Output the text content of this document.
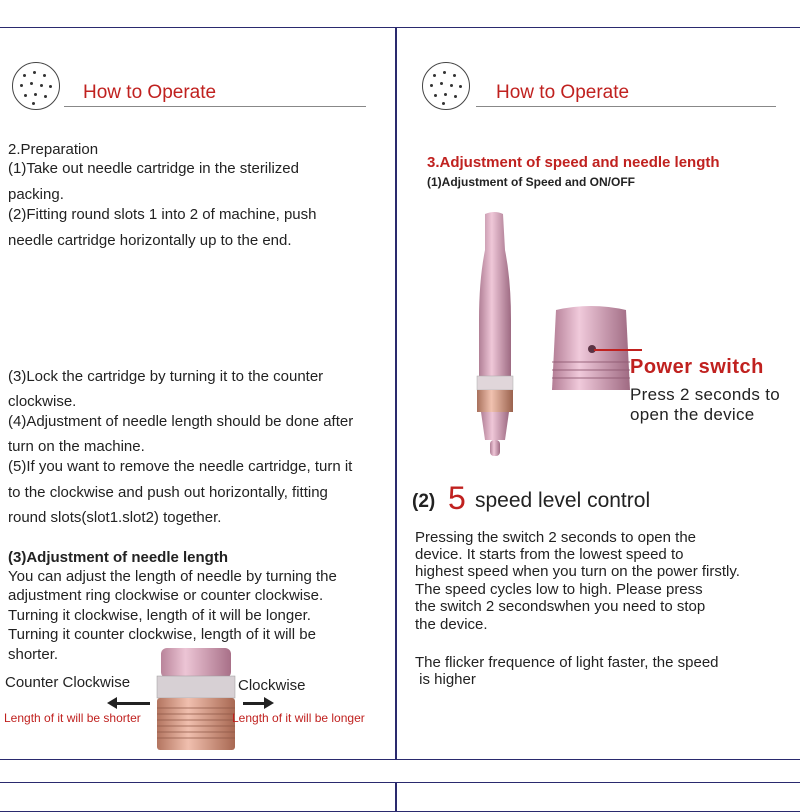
How to Operate
2.Preparation
(1)Take out needle cartridge in the sterilized
packing.
(2)Fitting round slots 1 into 2 of machine, push
needle cartridge horizontally up to the end.
(3)Lock the cartridge by turning it to the counter
clockwise.
(4)Adjustment of needle length should be done after
turn on the machine.
(5)If you want to remove the needle cartridge, turn it
to the clockwise and push out horizontally, fitting
round slots(slot1.slot2) together.
(3)Adjustment of needle length
You can adjust the length of needle by turning the
adjustment ring clockwise or counter clockwise.
Turning it clockwise, length of it will be longer.
Turning it counter clockwise, length of it will be
shorter.
Counter Clockwise	Clockwise
Length of it will be shorter	Length of it will be longer
How to Operate
3.Adjustment of speed and needle length
(1)Adjustment of Speed and ON/OFF
Power switch
Press 2 seconds to
open the device
(2) 5 speed level control
Pressing the switch 2 seconds to open the
device. It starts from the lowest speed to
highest speed when you turn on the power firstly.
The speed cycles low to high. Please press
the switch 2 secondswhen you need to stop
the device.
The flicker frequence of light faster, the speed
is higher
